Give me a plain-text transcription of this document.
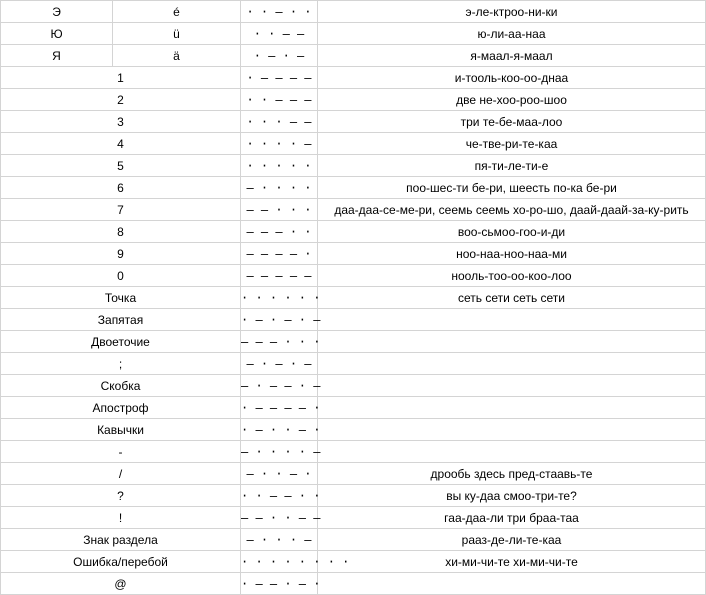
Э	é	· · – · ·	э-ле-ктроо-ни-ки
Ю	ü	· · – –	ю-ли-аа-наа
Я	ä	· – · –	я-маал-я-маал
1		· – – – –	и-тооль-коо-оо-днаа
2		· · – – –	две не-хоо-роо-шоо
3		· · · – –	три те-бе-маа-лоо
4		· · · · –	че-тве-ри-те-каа
5		· · · · ·	пя-ти-ле-ти-е
6		– · · · ·	поо-шес-ти бе-ри, шеесть по-ка бе-ри
7		– – · · ·	даа-даа-се-ме-ри, сеемь сеемь хо-ро-шо, даай-даай-за-ку-рить
8		– – – · ·	воо-сьмоо-гоо-и-ди
9		– – – – ·	ноо-наа-ноо-наа-ми
0		– – – – –	нооль-тоо-оо-коо-лоо
Точка		· · · · · ·	сеть сети сеть сети
Запятая		· – · – · –	
Двоеточие		– – – · · ·	
;		– · – · –	
Скобка		– · – – · –	
Апостроф		· – – – – ·	
Кавычки		· – · · – ·	
-		– · · · · –	
/		– · · – ·	дрообь здесь пред-стаавь-те
?		· · – – · ·	вы ку-даа смоо-три-те?
!		– – · · – –	гаа-даа-ли три браа-таа
Знак раздела		– · · · –	рааз-де-ли-те-каа
Ошибка/перебой		· · · · · · · ·	хи-ми-чи-те хи-ми-чи-те
@		· – – · – ·	
